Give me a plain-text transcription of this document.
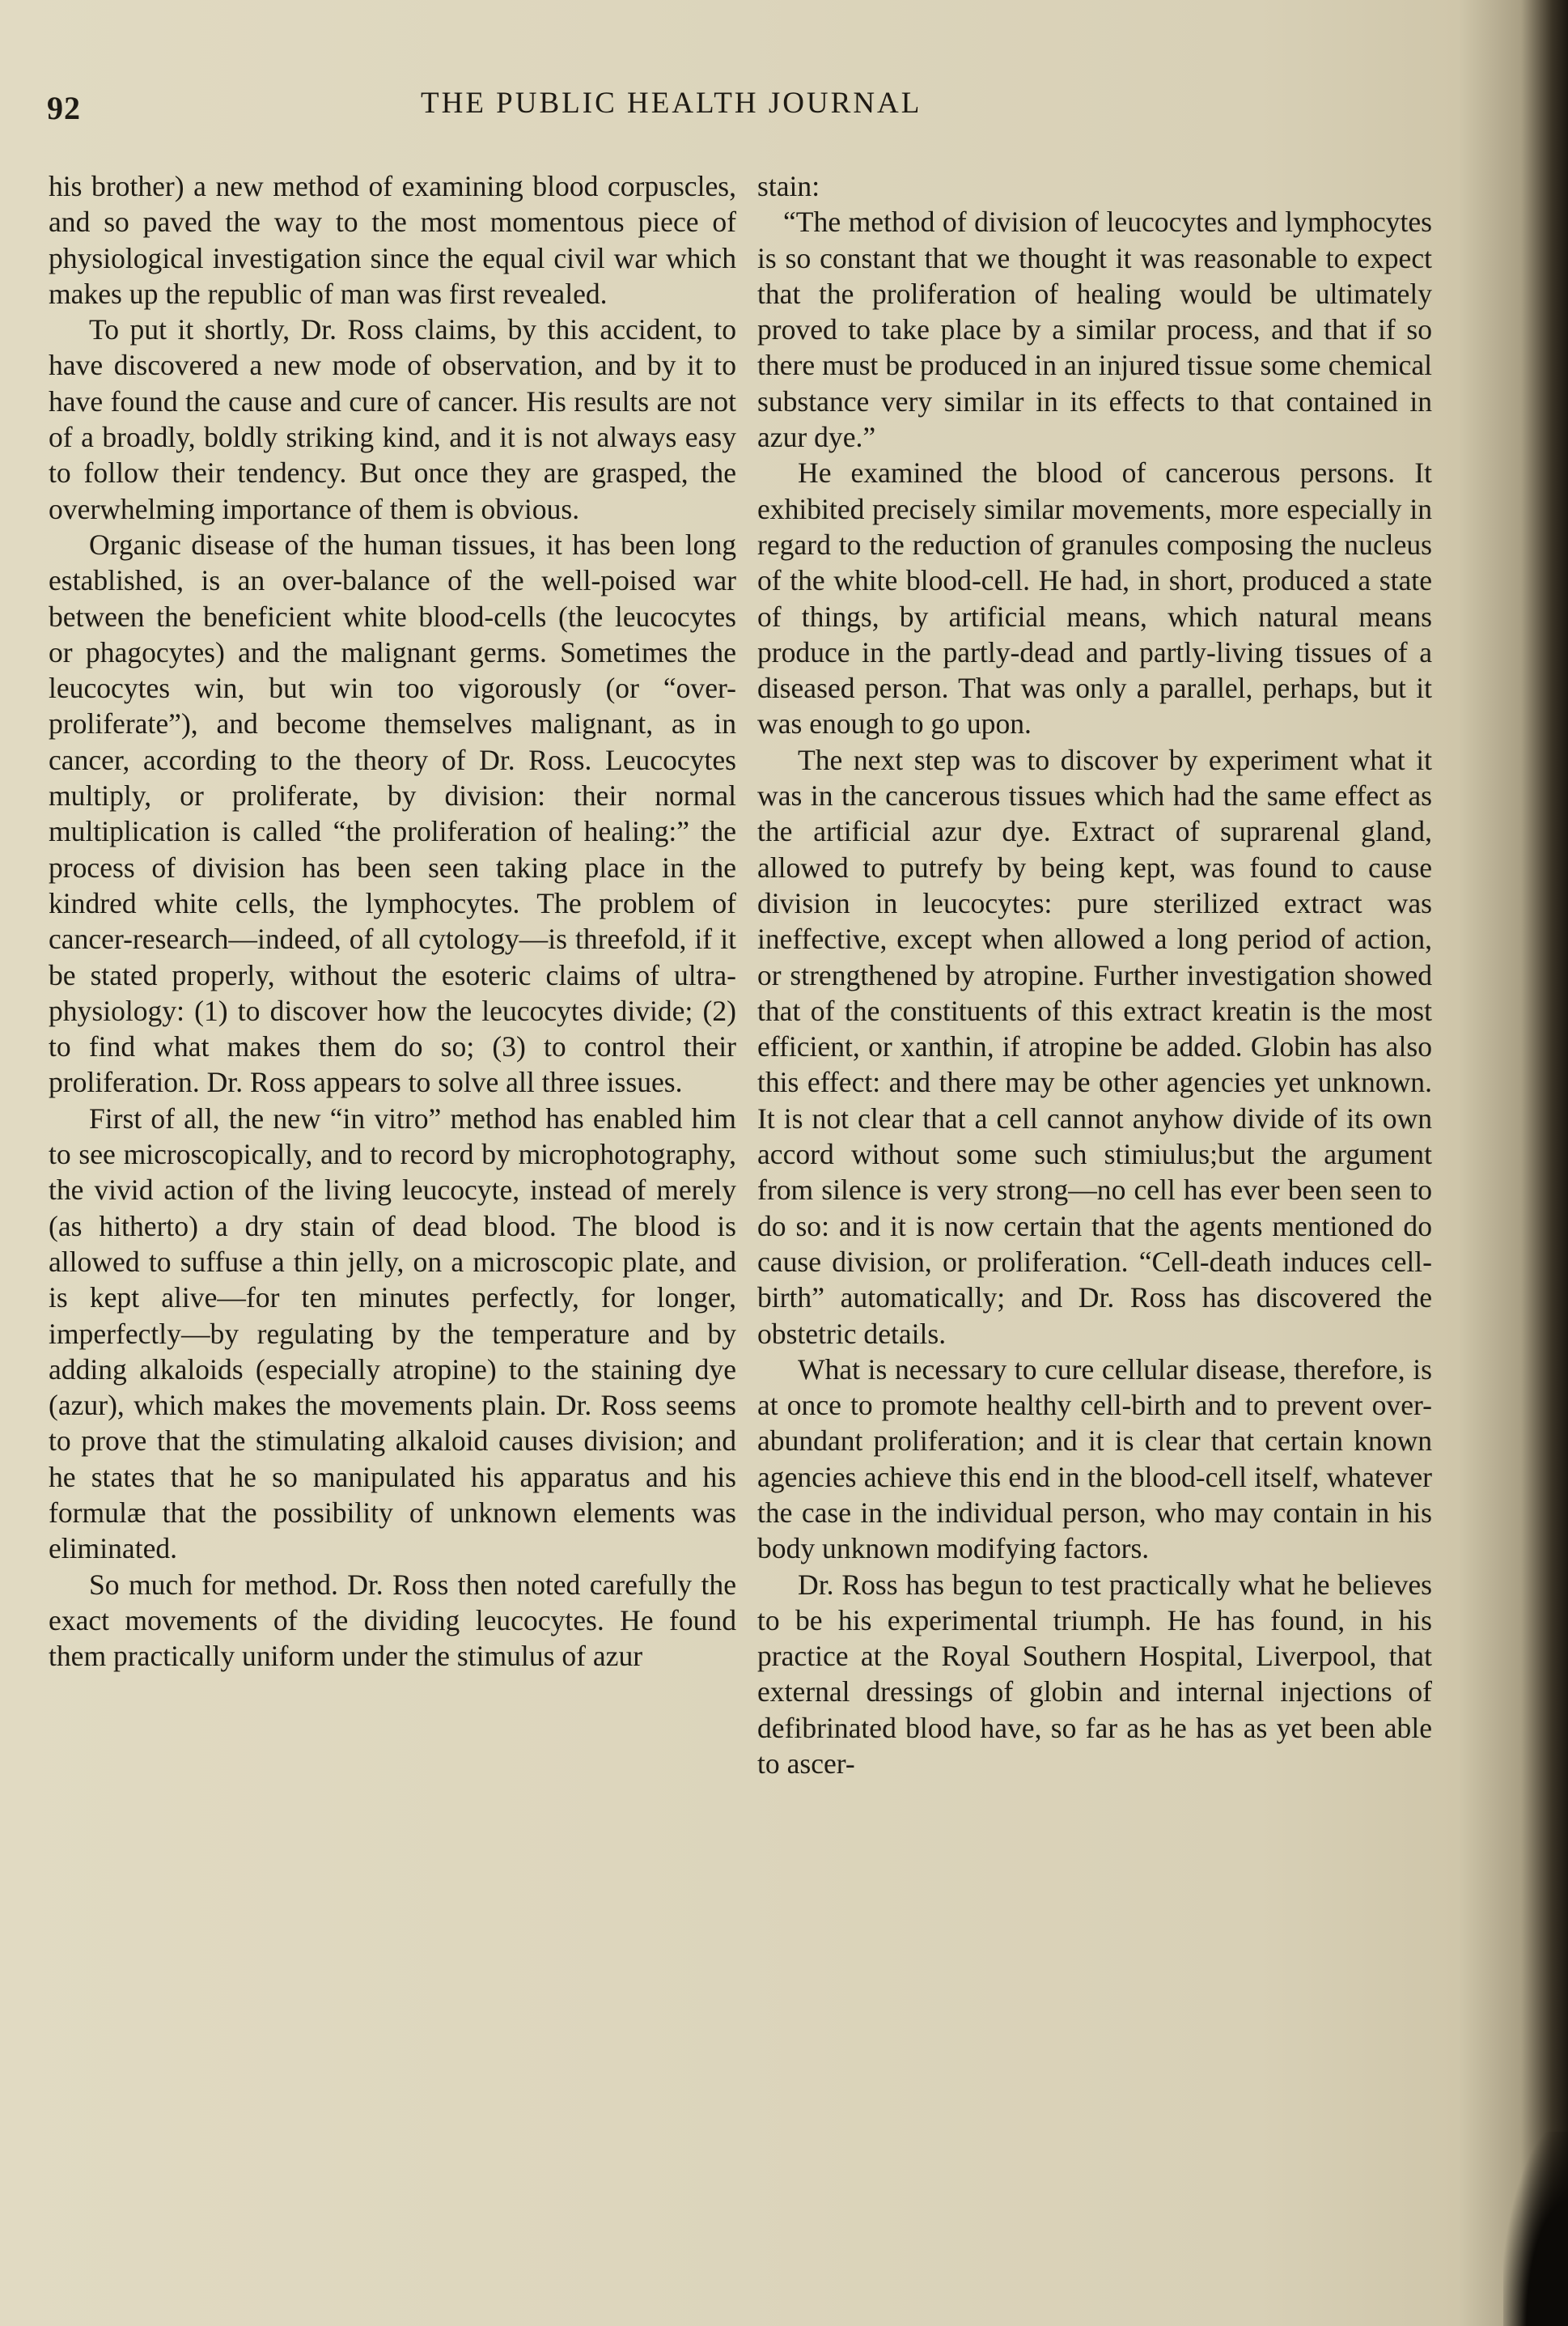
92	THE PUBLIC HEALTH JOURNAL

his brother) a new method of examining blood corpuscles, and so paved the way to the most momentous piece of physiological investigation since the equal civil war which makes up the republic of man was first revealed.

To put it shortly, Dr. Ross claims, by this accident, to have discovered a new mode of observation, and by it to have found the cause and cure of cancer. His results are not of a broadly, boldly striking kind, and it is not always easy to follow their tendency. But once they are grasped, the overwhelming importance of them is obvious.

Organic disease of the human tissues, it has been long established, is an over-balance of the well-poised war between the beneficient white blood-cells (the leucocytes or phagocytes) and the malignant germs. Sometimes the leucocytes win, but win too vigorously (or “over-proliferate”), and become themselves malignant, as in cancer, according to the theory of Dr. Ross. Leucocytes multiply, or proliferate, by division: their normal multiplication is called “the proliferation of healing:” the process of division has been seen taking place in the kindred white cells, the lymphocytes. The problem of cancer-research—indeed, of all cytology—is threefold, if it be stated properly, without the esoteric claims of ultra-physiology: (1) to discover how the leucocytes divide; (2) to find what makes them do so; (3) to control their proliferation. Dr. Ross appears to solve all three issues.

First of all, the new “in vitro” method has enabled him to see microscopically, and to record by microphotography, the vivid action of the living leucocyte, instead of merely (as hitherto) a dry stain of dead blood. The blood is allowed to suffuse a thin jelly, on a microscopic plate, and is kept alive—for ten minutes perfectly, for longer, imperfectly—by regulating by the temperature and by adding alkaloids (especially atropine) to the staining dye (azur), which makes the movements plain. Dr. Ross seems to prove that the stimulating alkaloid causes division; and he states that he so manipulated his apparatus and his formulæ that the possibility of unknown elements was eliminated.

So much for method. Dr. Ross then noted carefully the exact movements of the dividing leucocytes. He found them practically uniform under the stimulus of azur

stain:

“The method of division of leucocytes and lymphocytes is so constant that we thought it was reasonable to expect that the proliferation of healing would be ultimately proved to take place by a similar process, and that if so there must be produced in an injured tissue some chemical substance very similar in its effects to that contained in azur dye.”

He examined the blood of cancerous persons. It exhibited precisely similar movements, more especially in regard to the reduction of granules composing the nucleus of the white blood-cell. He had, in short, produced a state of things, by artificial means, which natural means produce in the partly-dead and partly-living tissues of a diseased person. That was only a parallel, perhaps, but it was enough to go upon.

The next step was to discover by experiment what it was in the cancerous tissues which had the same effect as the artificial azur dye. Extract of suprarenal gland, allowed to putrefy by being kept, was found to cause division in leucocytes: pure sterilized extract was ineffective, except when allowed a long period of action, or strengthened by atropine. Further investigation showed that of the constituents of this extract kreatin is the most efficient, or xanthin, if atropine be added. Globin has also this effect: and there may be other agencies yet unknown. It is not clear that a cell cannot anyhow divide of its own accord without some such stimiulus;but the argument from silence is very strong—no cell has ever been seen to do so: and it is now certain that the agents mentioned do cause division, or proliferation. “Cell-death induces cell-birth” automatically; and Dr. Ross has discovered the obstetric details.

What is necessary to cure cellular disease, therefore, is at once to promote healthy cell-birth and to prevent over-abundant proliferation; and it is clear that certain known agencies achieve this end in the blood-cell itself, whatever the case in the individual person, who may contain in his body unknown modifying factors.

Dr. Ross has begun to test practically what he believes to be his experimental triumph. He has found, in his practice at the Royal Southern Hospital, Liverpool, that external dressings of globin and internal injections of defibrinated blood have, so far as he has as yet been able to ascer-
